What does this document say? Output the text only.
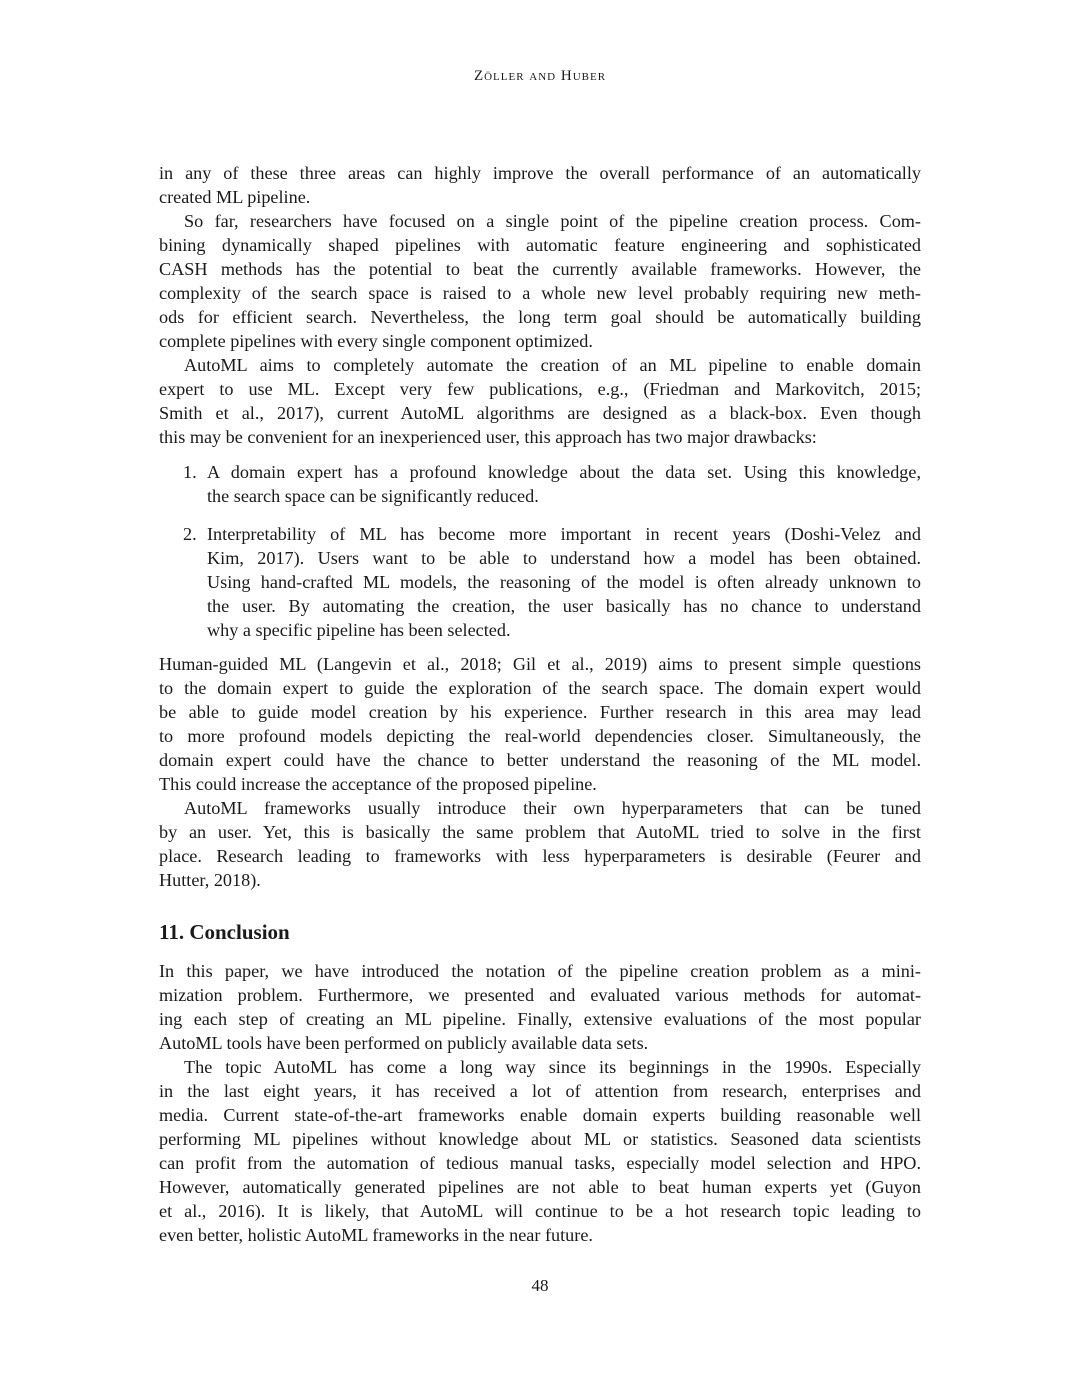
Zöller and Huber
in any of these three areas can highly improve the overall performance of an automatically
created ML pipeline.
So far, researchers have focused on a single point of the pipeline creation process. Com-
bining dynamically shaped pipelines with automatic feature engineering and sophisticated
CASH methods has the potential to beat the currently available frameworks. However, the
complexity of the search space is raised to a whole new level probably requiring new meth-
ods for efficient search. Nevertheless, the long term goal should be automatically building
complete pipelines with every single component optimized.
AutoML aims to completely automate the creation of an ML pipeline to enable domain
expert to use ML. Except very few publications, e.g., (Friedman and Markovitch, 2015;
Smith et al., 2017), current AutoML algorithms are designed as a black-box. Even though
this may be convenient for an inexperienced user, this approach has two major drawbacks:
1. A domain expert has a profound knowledge about the data set. Using this knowledge,
the search space can be significantly reduced.
2. Interpretability of ML has become more important in recent years (Doshi-Velez and
Kim, 2017). Users want to be able to understand how a model has been obtained.
Using hand-crafted ML models, the reasoning of the model is often already unknown to
the user. By automating the creation, the user basically has no chance to understand
why a specific pipeline has been selected.
Human-guided ML (Langevin et al., 2018; Gil et al., 2019) aims to present simple questions
to the domain expert to guide the exploration of the search space. The domain expert would
be able to guide model creation by his experience. Further research in this area may lead
to more profound models depicting the real-world dependencies closer. Simultaneously, the
domain expert could have the chance to better understand the reasoning of the ML model.
This could increase the acceptance of the proposed pipeline.
AutoML frameworks usually introduce their own hyperparameters that can be tuned
by an user. Yet, this is basically the same problem that AutoML tried to solve in the first
place. Research leading to frameworks with less hyperparameters is desirable (Feurer and
Hutter, 2018).
In this paper, we have introduced the notation of the pipeline creation problem as a mini-
mization problem. Furthermore, we presented and evaluated various methods for automat-
ing each step of creating an ML pipeline. Finally, extensive evaluations of the most popular
AutoML tools have been performed on publicly available data sets.
The topic AutoML has come a long way since its beginnings in the 1990s. Especially
in the last eight years, it has received a lot of attention from research, enterprises and
media. Current state-of-the-art frameworks enable domain experts building reasonable well
performing ML pipelines without knowledge about ML or statistics. Seasoned data scientists
can profit from the automation of tedious manual tasks, especially model selection and HPO.
However, automatically generated pipelines are not able to beat human experts yet (Guyon
et al., 2016). It is likely, that AutoML will continue to be a hot research topic leading to
even better, holistic AutoML frameworks in the near future.
11. Conclusion
48
